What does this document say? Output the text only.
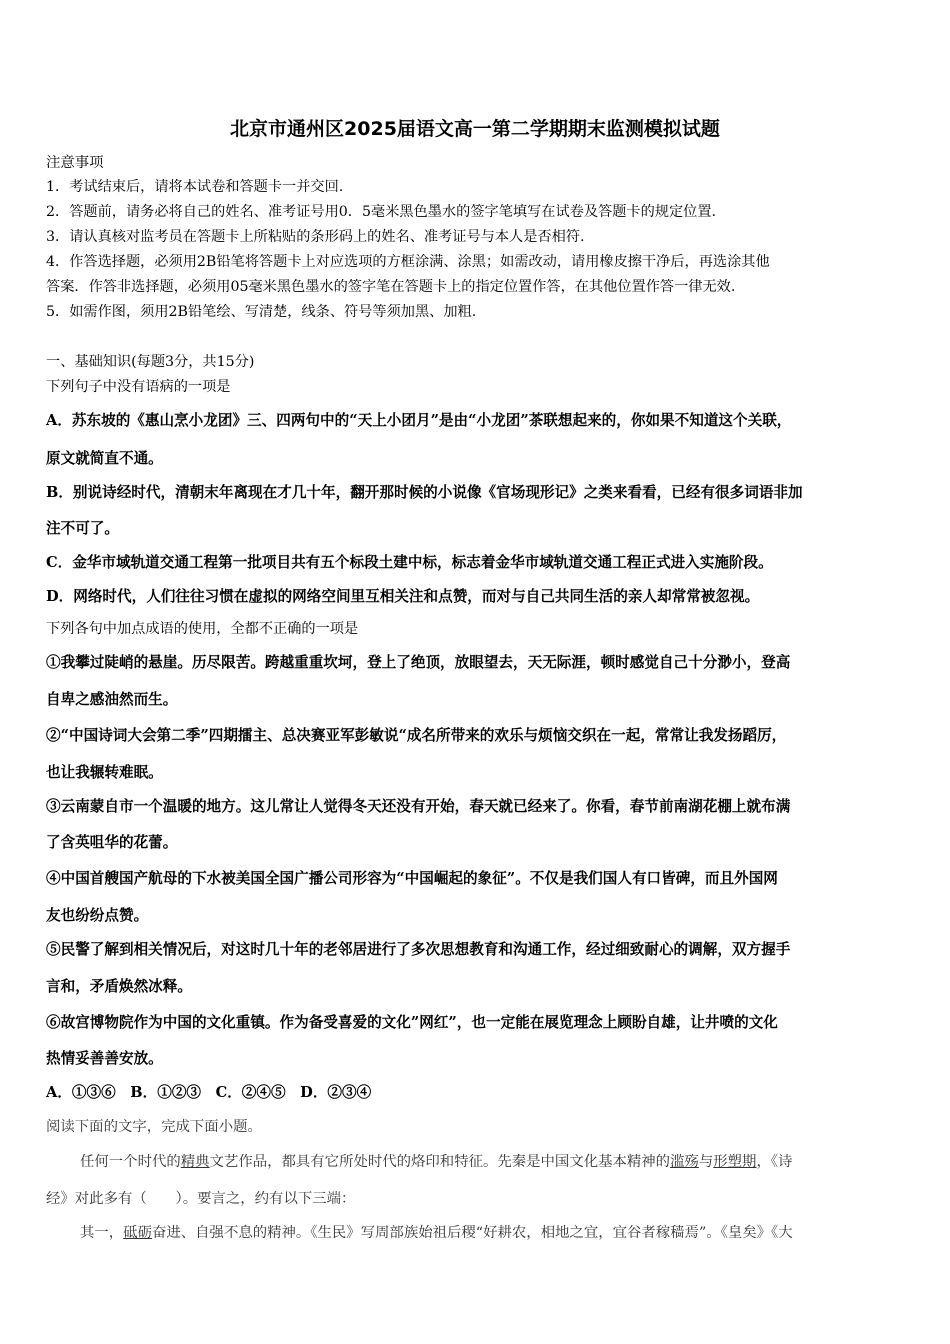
北京市通州区2025届语文高一第二学期期末监测模拟试题
注意事项
1．考试结束后，请将本试卷和答题卡一并交回.
2．答题前，请务必将自己的姓名、准考证号用0．5毫米黑色墨水的签字笔填写在试卷及答题卡的规定位置.
3．请认真核对监考员在答题卡上所粘贴的条形码上的姓名、准考证号与本人是否相符.
4．作答选择题，必须用2B铅笔将答题卡上对应选项的方框涂满、涂黑；如需改动，请用橡皮擦干净后，再选涂其他
答案．作答非选择题，必须用05毫米黑色墨水的签字笔在答题卡上的指定位置作答，在其他位置作答一律无效.
5．如需作图，须用2B铅笔绘、写清楚，线条、符号等须加黑、加粗.
一、基础知识(每题3分，共15分)
下列句子中没有语病的一项是
A．苏东坡的《惠山烹小龙团》三、四两句中的“天上小团月”是由“小龙团”茶联想起来的，你如果不知道这个关联，
原文就简直不通。
B．别说诗经时代，清朝末年离现在才几十年，翻开那时候的小说像《官场现形记》之类来看看，已经有很多词语非加
注不可了。
C．金华市域轨道交通工程第一批项目共有五个标段土建中标，标志着金华市域轨道交通工程正式进入实施阶段。
D．网络时代，人们往往习惯在虚拟的网络空间里互相关注和点赞，而对与自己共同生活的亲人却常常被忽视。
下列各句中加点成语的使用，全都不正确的一项是
①我攀过陡峭的悬崖。历尽限苦。跨越重重坎坷，登上了绝顶，放眼望去，天无际涯，顿时感觉自己十分渺小，登高
自卑之感油然而生。
②“中国诗词大会第二季”四期擂主、总决赛亚军彭敏说“成名所带来的欢乐与烦恼交织在一起，常常让我发扬蹈厉，
也让我辗转难眠。
③云南蒙自市一个温暖的地方。这儿常让人觉得冬天还没有开始，春天就已经来了。你看，春节前南湖花棚上就布满
了含英咀华的花蕾。
④中国首艘国产航母的下水被美国全国广播公司形容为“中国崛起的象征”。不仅是我们国人有口皆碑，而且外国网
友也纷纷点赞。
⑤民警了解到相关情况后，对这时几十年的老邻居进行了多次思想教育和沟通工作，经过细致耐心的调解，双方握手
言和，矛盾焕然冰释。
⑥故宫博物院作为中国的文化重镇。作为备受喜爱的文化”网红”，也一定能在展览理念上顾盼自雄，让井喷的文化
热情妥善善安放。
A．①③⑥　B．①②③　C．②④⑤　D．②③④
阅读下面的文字，完成下面小题。
任何一个时代的精典文艺作品，都具有它所处时代的烙印和特征。先秦是中国文化基本精神的滥殇与形塑期，《诗
经》对此多有（　　）。要言之，约有以下三端：
其一，砥砺奋进、自强不息的精神。《生民》写周部族始祖后稷“好耕农，相地之宜，宜谷者稼穑焉”。《皇矣》《大
